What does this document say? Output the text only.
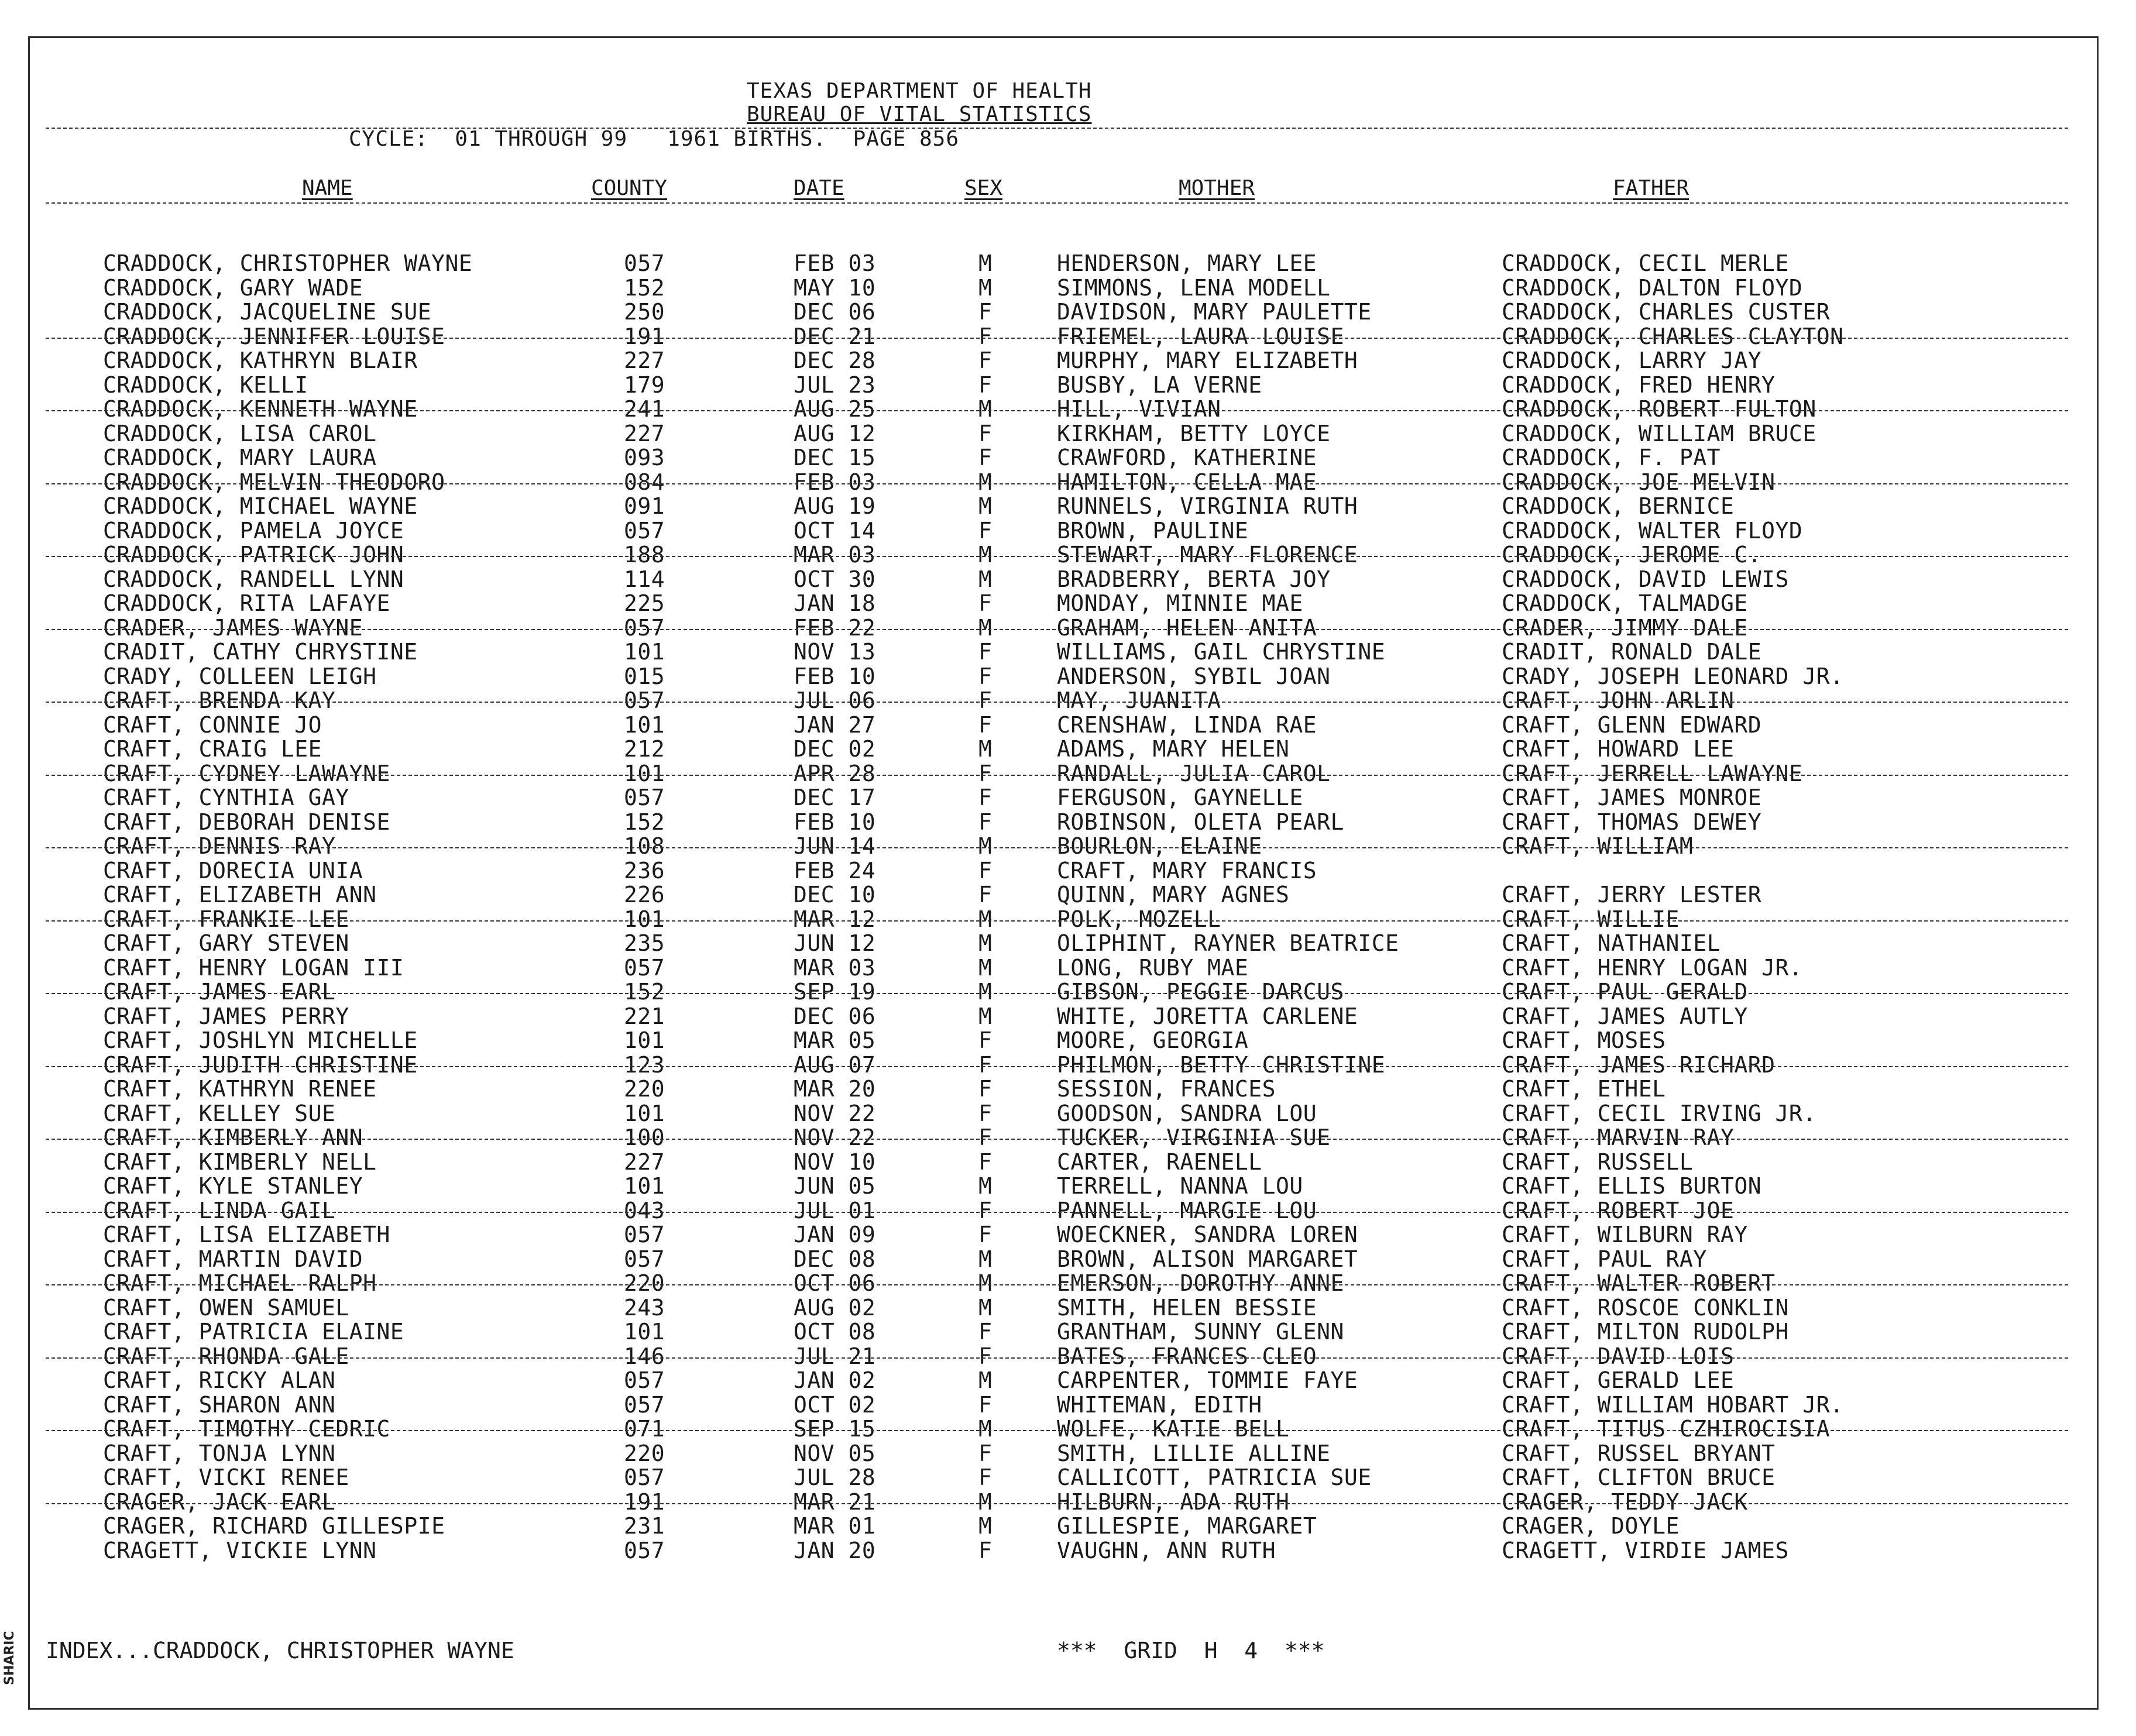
SHARIC
TEXAS DEPARTMENT OF HEALTH
BUREAU OF VITAL STATISTICS
CYCLE:  01 THROUGH 99   1961 BIRTHS.  PAGE 856
NAME	COUNTY	DATE	SEX	MOTHER	FATHER
CRADDOCK, CHRISTOPHER WAYNE	057	FEB 03	M	HENDERSON, MARY LEE	CRADDOCK, CECIL MERLE
CRADDOCK, GARY WADE	152	MAY 10	M	SIMMONS, LENA MODELL	CRADDOCK, DALTON FLOYD
CRADDOCK, JACQUELINE SUE	250	DEC 06	F	DAVIDSON, MARY PAULETTE	CRADDOCK, CHARLES CUSTER
CRADDOCK, JENNIFER LOUISE	191	DEC 21	F	FRIEMEL, LAURA LOUISE	CRADDOCK, CHARLES CLAYTON
CRADDOCK, KATHRYN BLAIR	227	DEC 28	F	MURPHY, MARY ELIZABETH	CRADDOCK, LARRY JAY
CRADDOCK, KELLI	179	JUL 23	F	BUSBY, LA VERNE	CRADDOCK, FRED HENRY
CRADDOCK, KENNETH WAYNE	241	AUG 25	M	HILL, VIVIAN	CRADDOCK, ROBERT FULTON
CRADDOCK, LISA CAROL	227	AUG 12	F	KIRKHAM, BETTY LOYCE	CRADDOCK, WILLIAM BRUCE
CRADDOCK, MARY LAURA	093	DEC 15	F	CRAWFORD, KATHERINE	CRADDOCK, F. PAT
CRADDOCK, MELVIN THEODORO	084	FEB 03	M	HAMILTON, CELLA MAE	CRADDOCK, JOE MELVIN
CRADDOCK, MICHAEL WAYNE	091	AUG 19	M	RUNNELS, VIRGINIA RUTH	CRADDOCK, BERNICE
CRADDOCK, PAMELA JOYCE	057	OCT 14	F	BROWN, PAULINE	CRADDOCK, WALTER FLOYD
CRADDOCK, PATRICK JOHN	188	MAR 03	M	STEWART, MARY FLORENCE	CRADDOCK, JEROME C.
CRADDOCK, RANDELL LYNN	114	OCT 30	M	BRADBERRY, BERTA JOY	CRADDOCK, DAVID LEWIS
CRADDOCK, RITA LAFAYE	225	JAN 18	F	MONDAY, MINNIE MAE	CRADDOCK, TALMADGE
CRADER, JAMES WAYNE	057	FEB 22	M	GRAHAM, HELEN ANITA	CRADER, JIMMY DALE
CRADIT, CATHY CHRYSTINE	101	NOV 13	F	WILLIAMS, GAIL CHRYSTINE	CRADIT, RONALD DALE
CRADY, COLLEEN LEIGH	015	FEB 10	F	ANDERSON, SYBIL JOAN	CRADY, JOSEPH LEONARD JR.
CRAFT, BRENDA KAY	057	JUL 06	F	MAY, JUANITA	CRAFT, JOHN ARLIN
CRAFT, CONNIE JO	101	JAN 27	F	CRENSHAW, LINDA RAE	CRAFT, GLENN EDWARD
CRAFT, CRAIG LEE	212	DEC 02	M	ADAMS, MARY HELEN	CRAFT, HOWARD LEE
CRAFT, CYDNEY LAWAYNE	101	APR 28	F	RANDALL, JULIA CAROL	CRAFT, JERRELL LAWAYNE
CRAFT, CYNTHIA GAY	057	DEC 17	F	FERGUSON, GAYNELLE	CRAFT, JAMES MONROE
CRAFT, DEBORAH DENISE	152	FEB 10	F	ROBINSON, OLETA PEARL	CRAFT, THOMAS DEWEY
CRAFT, DENNIS RAY	108	JUN 14	M	BOURLON, ELAINE	CRAFT, WILLIAM
CRAFT, DORECIA UNIA	236	FEB 24	F	CRAFT, MARY FRANCIS
CRAFT, ELIZABETH ANN	226	DEC 10	F	QUINN, MARY AGNES	CRAFT, JERRY LESTER
CRAFT, FRANKIE LEE	101	MAR 12	M	POLK, MOZELL	CRAFT, WILLIE
CRAFT, GARY STEVEN	235	JUN 12	M	OLIPHINT, RAYNER BEATRICE	CRAFT, NATHANIEL
CRAFT, HENRY LOGAN III	057	MAR 03	M	LONG, RUBY MAE	CRAFT, HENRY LOGAN JR.
CRAFT, JAMES EARL	152	SEP 19	M	GIBSON, PEGGIE DARCUS	CRAFT, PAUL GERALD
CRAFT, JAMES PERRY	221	DEC 06	M	WHITE, JORETTA CARLENE	CRAFT, JAMES AUTLY
CRAFT, JOSHLYN MICHELLE	101	MAR 05	F	MOORE, GEORGIA	CRAFT, MOSES
CRAFT, JUDITH CHRISTINE	123	AUG 07	F	PHILMON, BETTY CHRISTINE	CRAFT, JAMES RICHARD
CRAFT, KATHRYN RENEE	220	MAR 20	F	SESSION, FRANCES	CRAFT, ETHEL
CRAFT, KELLEY SUE	101	NOV 22	F	GOODSON, SANDRA LOU	CRAFT, CECIL IRVING JR.
CRAFT, KIMBERLY ANN	100	NOV 22	F	TUCKER, VIRGINIA SUE	CRAFT, MARVIN RAY
CRAFT, KIMBERLY NELL	227	NOV 10	F	CARTER, RAENELL	CRAFT, RUSSELL
CRAFT, KYLE STANLEY	101	JUN 05	M	TERRELL, NANNA LOU	CRAFT, ELLIS BURTON
CRAFT, LINDA GAIL	043	JUL 01	F	PANNELL, MARGIE LOU	CRAFT, ROBERT JOE
CRAFT, LISA ELIZABETH	057	JAN 09	F	WOECKNER, SANDRA LOREN	CRAFT, WILBURN RAY
CRAFT, MARTIN DAVID	057	DEC 08	M	BROWN, ALISON MARGARET	CRAFT, PAUL RAY
CRAFT, MICHAEL RALPH	220	OCT 06	M	EMERSON, DOROTHY ANNE	CRAFT, WALTER ROBERT
CRAFT, OWEN SAMUEL	243	AUG 02	M	SMITH, HELEN BESSIE	CRAFT, ROSCOE CONKLIN
CRAFT, PATRICIA ELAINE	101	OCT 08	F	GRANTHAM, SUNNY GLENN	CRAFT, MILTON RUDOLPH
CRAFT, RHONDA GALE	146	JUL 21	F	BATES, FRANCES CLEO	CRAFT, DAVID LOIS
CRAFT, RICKY ALAN	057	JAN 02	M	CARPENTER, TOMMIE FAYE	CRAFT, GERALD LEE
CRAFT, SHARON ANN	057	OCT 02	F	WHITEMAN, EDITH	CRAFT, WILLIAM HOBART JR.
CRAFT, TIMOTHY CEDRIC	071	SEP 15	M	WOLFE, KATIE BELL	CRAFT, TITUS CZHIROCISIA
CRAFT, TONJA LYNN	220	NOV 05	F	SMITH, LILLIE ALLINE	CRAFT, RUSSEL BRYANT
CRAFT, VICKI RENEE	057	JUL 28	F	CALLICOTT, PATRICIA SUE	CRAFT, CLIFTON BRUCE
CRAGER, JACK EARL	191	MAR 21	M	HILBURN, ADA RUTH	CRAGER, TEDDY JACK
CRAGER, RICHARD GILLESPIE	231	MAR 01	M	GILLESPIE, MARGARET	CRAGER, DOYLE
CRAGETT, VICKIE LYNN	057	JAN 20	F	VAUGHN, ANN RUTH	CRAGETT, VIRDIE JAMES
INDEX...CRADDOCK, CHRISTOPHER WAYNE	***  GRID  H  4  ***
